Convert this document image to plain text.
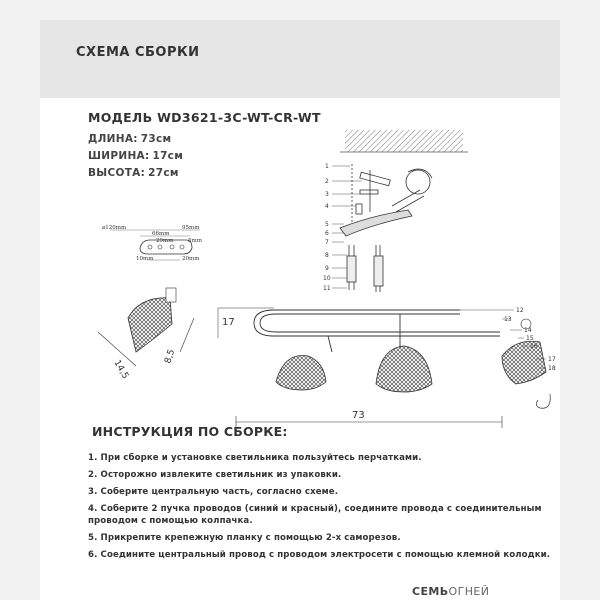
СХЕМА СБОРКИ
МОДЕЛЬ WD3621-3C-WT-CR-WT
ДЛИНА: 73см
ШИРИНА: 17см
ВЫСОТА: 27см
1
2
3
4
5
6
7
8
9
10
11
⌀120mm	95mm
66mm
29mm	5mm
10mm	20mm
14,5
8,5
17
12
13
14
15
16
17
18
73
ИНСТРУКЦИЯ ПО СБОРКЕ:
1. При сборке и установке светильника пользуйтесь перчатками.
2. Осторожно извлеките светильник из упаковки.
3. Соберите центральную часть, согласно схеме.
4. Соберите 2 пучка проводов (синий и красный), соедините провода с соединительным проводом с помощью колпачка.
5. Прикрепите крепежную планку с помощью 2-х саморезов.
6. Соедините центральный провод с проводом электросети с помощью клемной колодки.
СЕМЬОГНЕЙ
